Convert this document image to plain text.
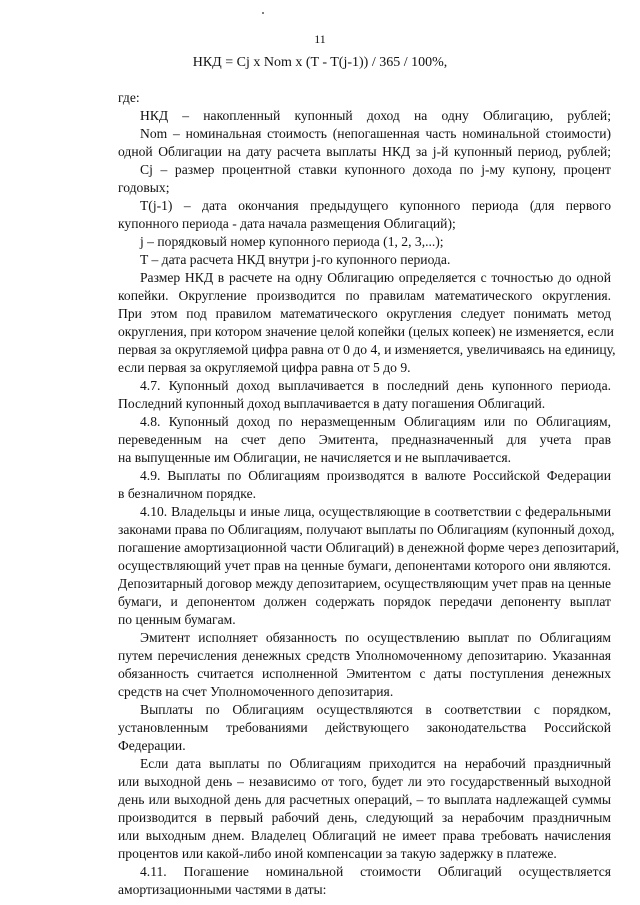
11
НКД = Cj x Nom x (T - T(j-1)) / 365 / 100%,
где:
НКД – накопленный купонный доход на одну Облигацию, рублей;
Nom – номинальная стоимость (непогашенная часть номинальной стоимости)
одной Облигации на дату расчета выплаты НКД за j-й купонный период, рублей;
Cj – размер процентной ставки купонного дохода по j-му купону, процент
годовых;
T(j-1) – дата окончания предыдущего купонного периода (для первого
купонного периода - дата начала размещения Облигаций);
j – порядковый номер купонного периода (1, 2, 3,...);
T – дата расчета НКД внутри j-го купонного периода.
Размер НКД в расчете на одну Облигацию определяется с точностью до одной
копейки. Округление производится по правилам математического округления.
При этом под правилом математического округления следует понимать метод
округления, при котором значение целой копейки (целых копеек) не изменяется, если
первая за округляемой цифра равна от 0 до 4, и изменяется, увеличиваясь на единицу,
если первая за округляемой цифра равна от 5 до 9.
4.7. Купонный доход выплачивается в последний день купонного периода.
Последний купонный доход выплачивается в дату погашения Облигаций.
4.8. Купонный доход по неразмещенным Облигациям или по Облигациям,
переведенным на счет депо Эмитента, предназначенный для учета прав
на выпущенные им Облигации, не начисляется и не выплачивается.
4.9. Выплаты по Облигациям производятся в валюте Российской Федерации
в безналичном порядке.
4.10. Владельцы и иные лица, осуществляющие в соответствии с федеральными
законами права по Облигациям, получают выплаты по Облигациям (купонный доход,
погашение амортизационной части Облигаций) в денежной форме через депозитарий,
осуществляющий учет прав на ценные бумаги, депонентами которого они являются.
Депозитарный договор между депозитарием, осуществляющим учет прав на ценные
бумаги, и депонентом должен содержать порядок передачи депоненту выплат
по ценным бумагам.
Эмитент исполняет обязанность по осуществлению выплат по Облигациям
путем перечисления денежных средств Уполномоченному депозитарию. Указанная
обязанность считается исполненной Эмитентом с даты поступления денежных
средств на счет Уполномоченного депозитария.
Выплаты по Облигациям осуществляются в соответствии с порядком,
установленным требованиями действующего законодательства Российской
Федерации.
Если дата выплаты по Облигациям приходится на нерабочий праздничный
или выходной день – независимо от того, будет ли это государственный выходной
день или выходной день для расчетных операций, – то выплата надлежащей суммы
производится в первый рабочий день, следующий за нерабочим праздничным
или выходным днем. Владелец Облигаций не имеет права требовать начисления
процентов или какой-либо иной компенсации за такую задержку в платеже.
4.11. Погашение номинальной стоимости Облигаций осуществляется
амортизационными частями в даты:
